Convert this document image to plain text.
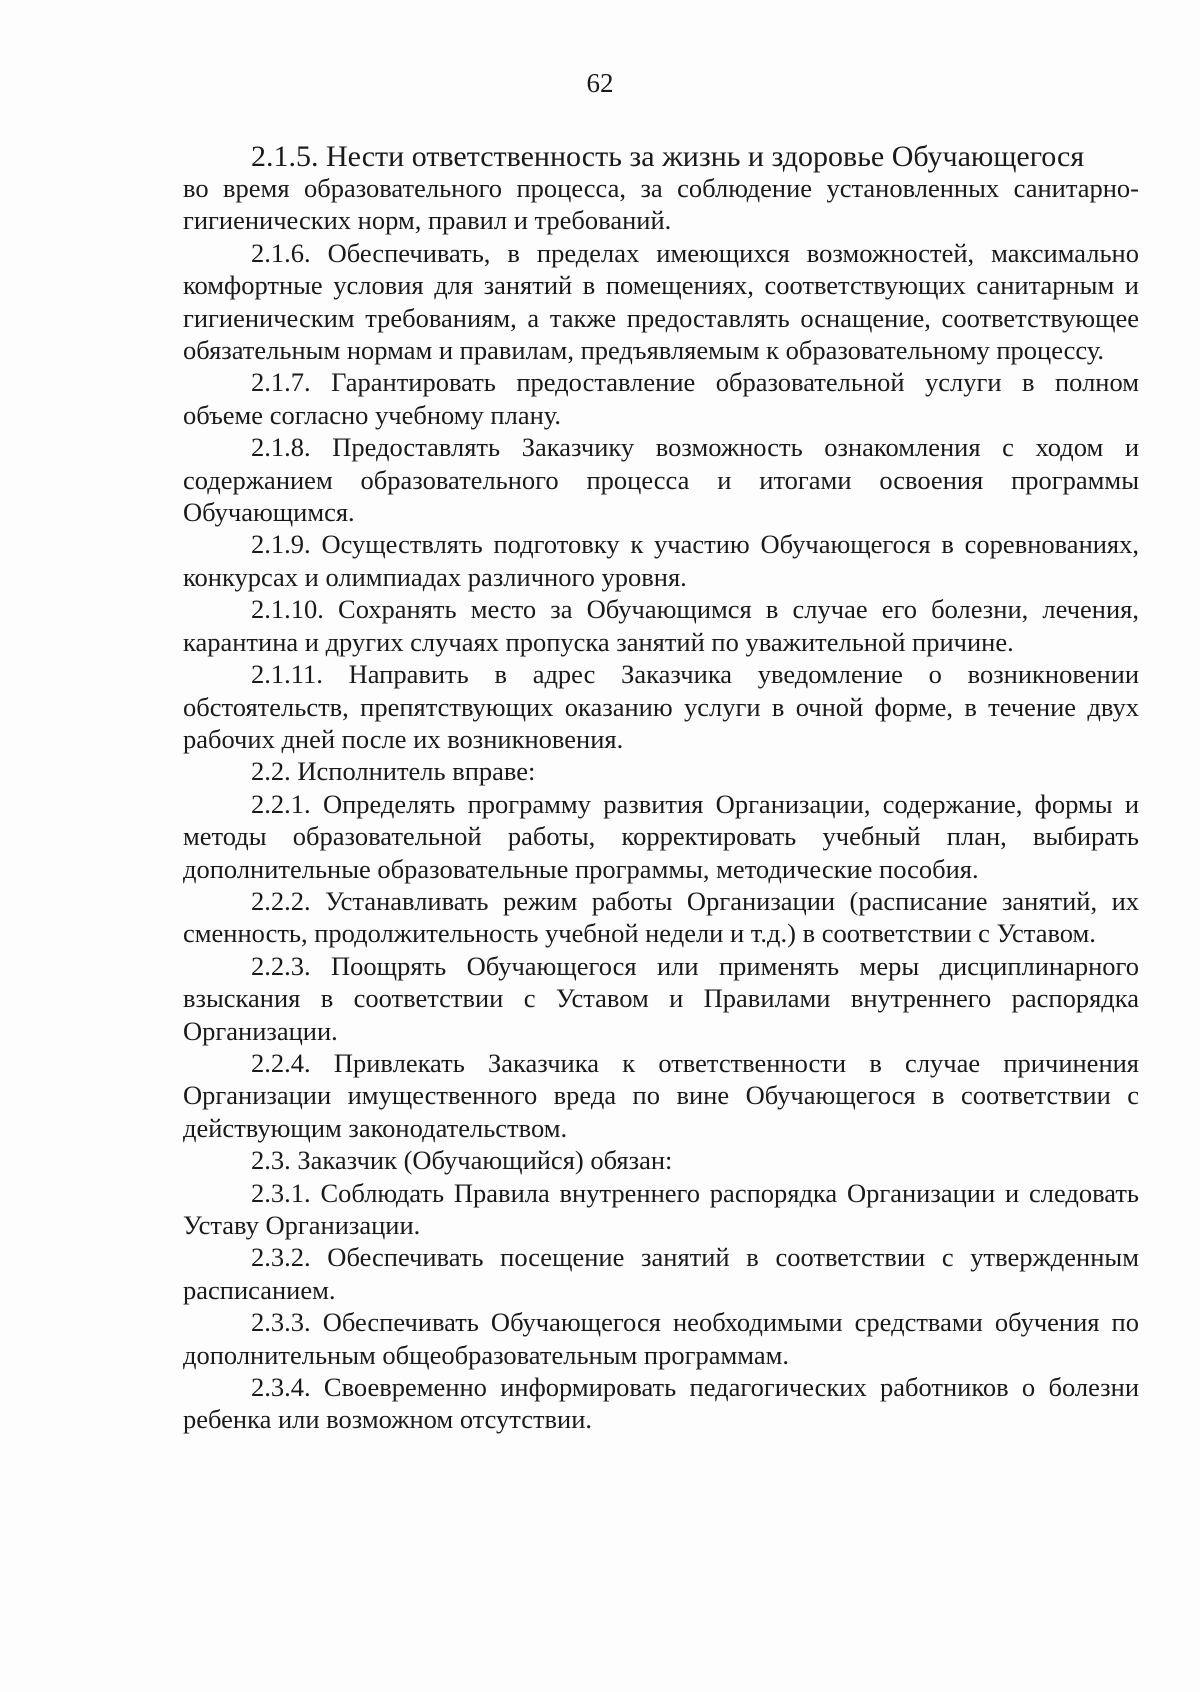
62

2.1.5. Нести ответственность за жизнь и здоровье Обучающегося

во время образовательного процесса, за соблюдение установленных санитарно-гигиенических норм, правил и требований.

2.1.6. Обеспечивать, в пределах имеющихся возможностей, максимально комфортные условия для занятий в помещениях, соответствующих санитарным и гигиеническим требованиям, а также предоставлять оснащение, соответствующее обязательным нормам и правилам, предъявляемым к образовательному процессу.

2.1.7. Гарантировать предоставление образовательной услуги в полном объеме согласно учебному плану.

2.1.8. Предоставлять Заказчику возможность ознакомления с ходом и содержанием образовательного процесса и итогами освоения программы Обучающимся.

2.1.9. Осуществлять подготовку к участию Обучающегося в соревнованиях, конкурсах и олимпиадах различного уровня.

2.1.10. Сохранять место за Обучающимся в случае его болезни, лечения, карантина и других случаях пропуска занятий по уважительной причине.

2.1.11. Направить в адрес Заказчика уведомление о возникновении обстоятельств, препятствующих оказанию услуги в очной форме, в течение двух рабочих дней после их возникновения.

2.2. Исполнитель вправе:

2.2.1. Определять программу развития Организации, содержание, формы и методы образовательной работы, корректировать учебный план, выбирать дополнительные образовательные программы, методические пособия.

2.2.2. Устанавливать режим работы Организации (расписание занятий, их сменность, продолжительность учебной недели и т.д.) в соответствии с Уставом.

2.2.3. Поощрять Обучающегося или применять меры дисциплинарного взыскания в соответствии с Уставом и Правилами внутреннего распорядка Организации.

2.2.4. Привлекать Заказчика к ответственности в случае причинения Организации имущественного вреда по вине Обучающегося в соответствии с действующим законодательством.

2.3. Заказчик (Обучающийся) обязан:

2.3.1. Соблюдать Правила внутреннего распорядка Организации и следовать Уставу Организации.

2.3.2. Обеспечивать посещение занятий в соответствии с утвержденным расписанием.

2.3.3. Обеспечивать Обучающегося необходимыми средствами обучения по дополнительным общеобразовательным программам.

2.3.4. Своевременно информировать педагогических работников о болезни ребенка или возможном отсутствии.
